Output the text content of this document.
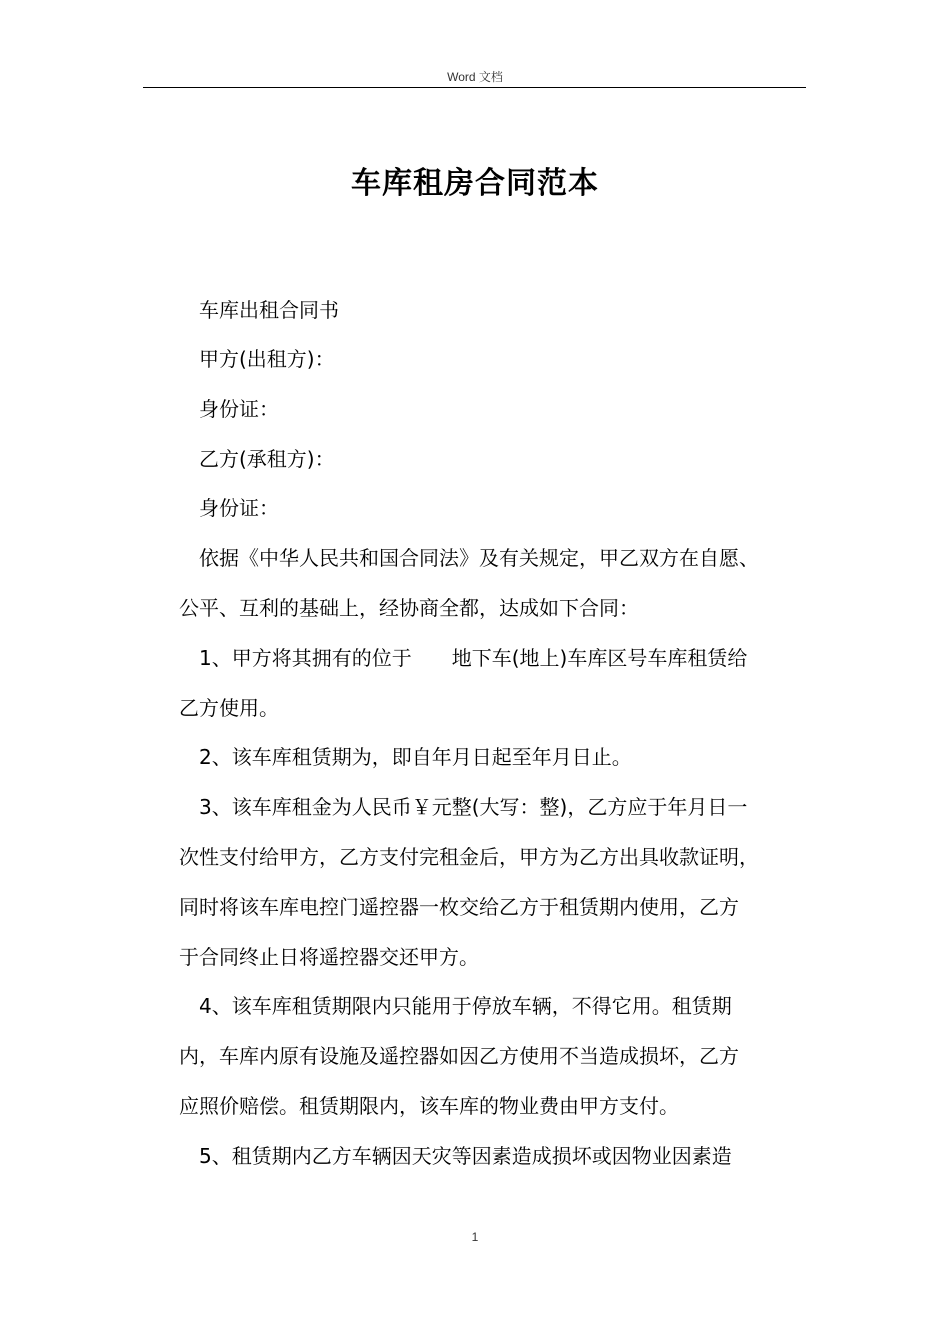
Word 文档
车库租房合同范本
车库出租合同书
甲方(出租方)：
身份证：
乙方(承租方)：
身份证：
依据《中华人民共和国合同法》及有关规定，甲乙双方在自愿、
公平、互利的基础上，经协商全都，达成如下合同：
1、甲方将其拥有的位于　　地下车(地上)车库区号车库租赁给
乙方使用。
2、该车库租赁期为，即自年月日起至年月日止。
3、该车库租金为人民币￥元整(大写：整)，乙方应于年月日一
次性支付给甲方，乙方支付完租金后，甲方为乙方出具收款证明，
同时将该车库电控门遥控器一枚交给乙方于租赁期内使用，乙方
于合同终止日将遥控器交还甲方。
4、该车库租赁期限内只能用于停放车辆，不得它用。租赁期
内，车库内原有设施及遥控器如因乙方使用不当造成损坏，乙方
应照价赔偿。租赁期限内，该车库的物业费由甲方支付。
5、租赁期内乙方车辆因天灾等因素造成损坏或因物业因素造
1
